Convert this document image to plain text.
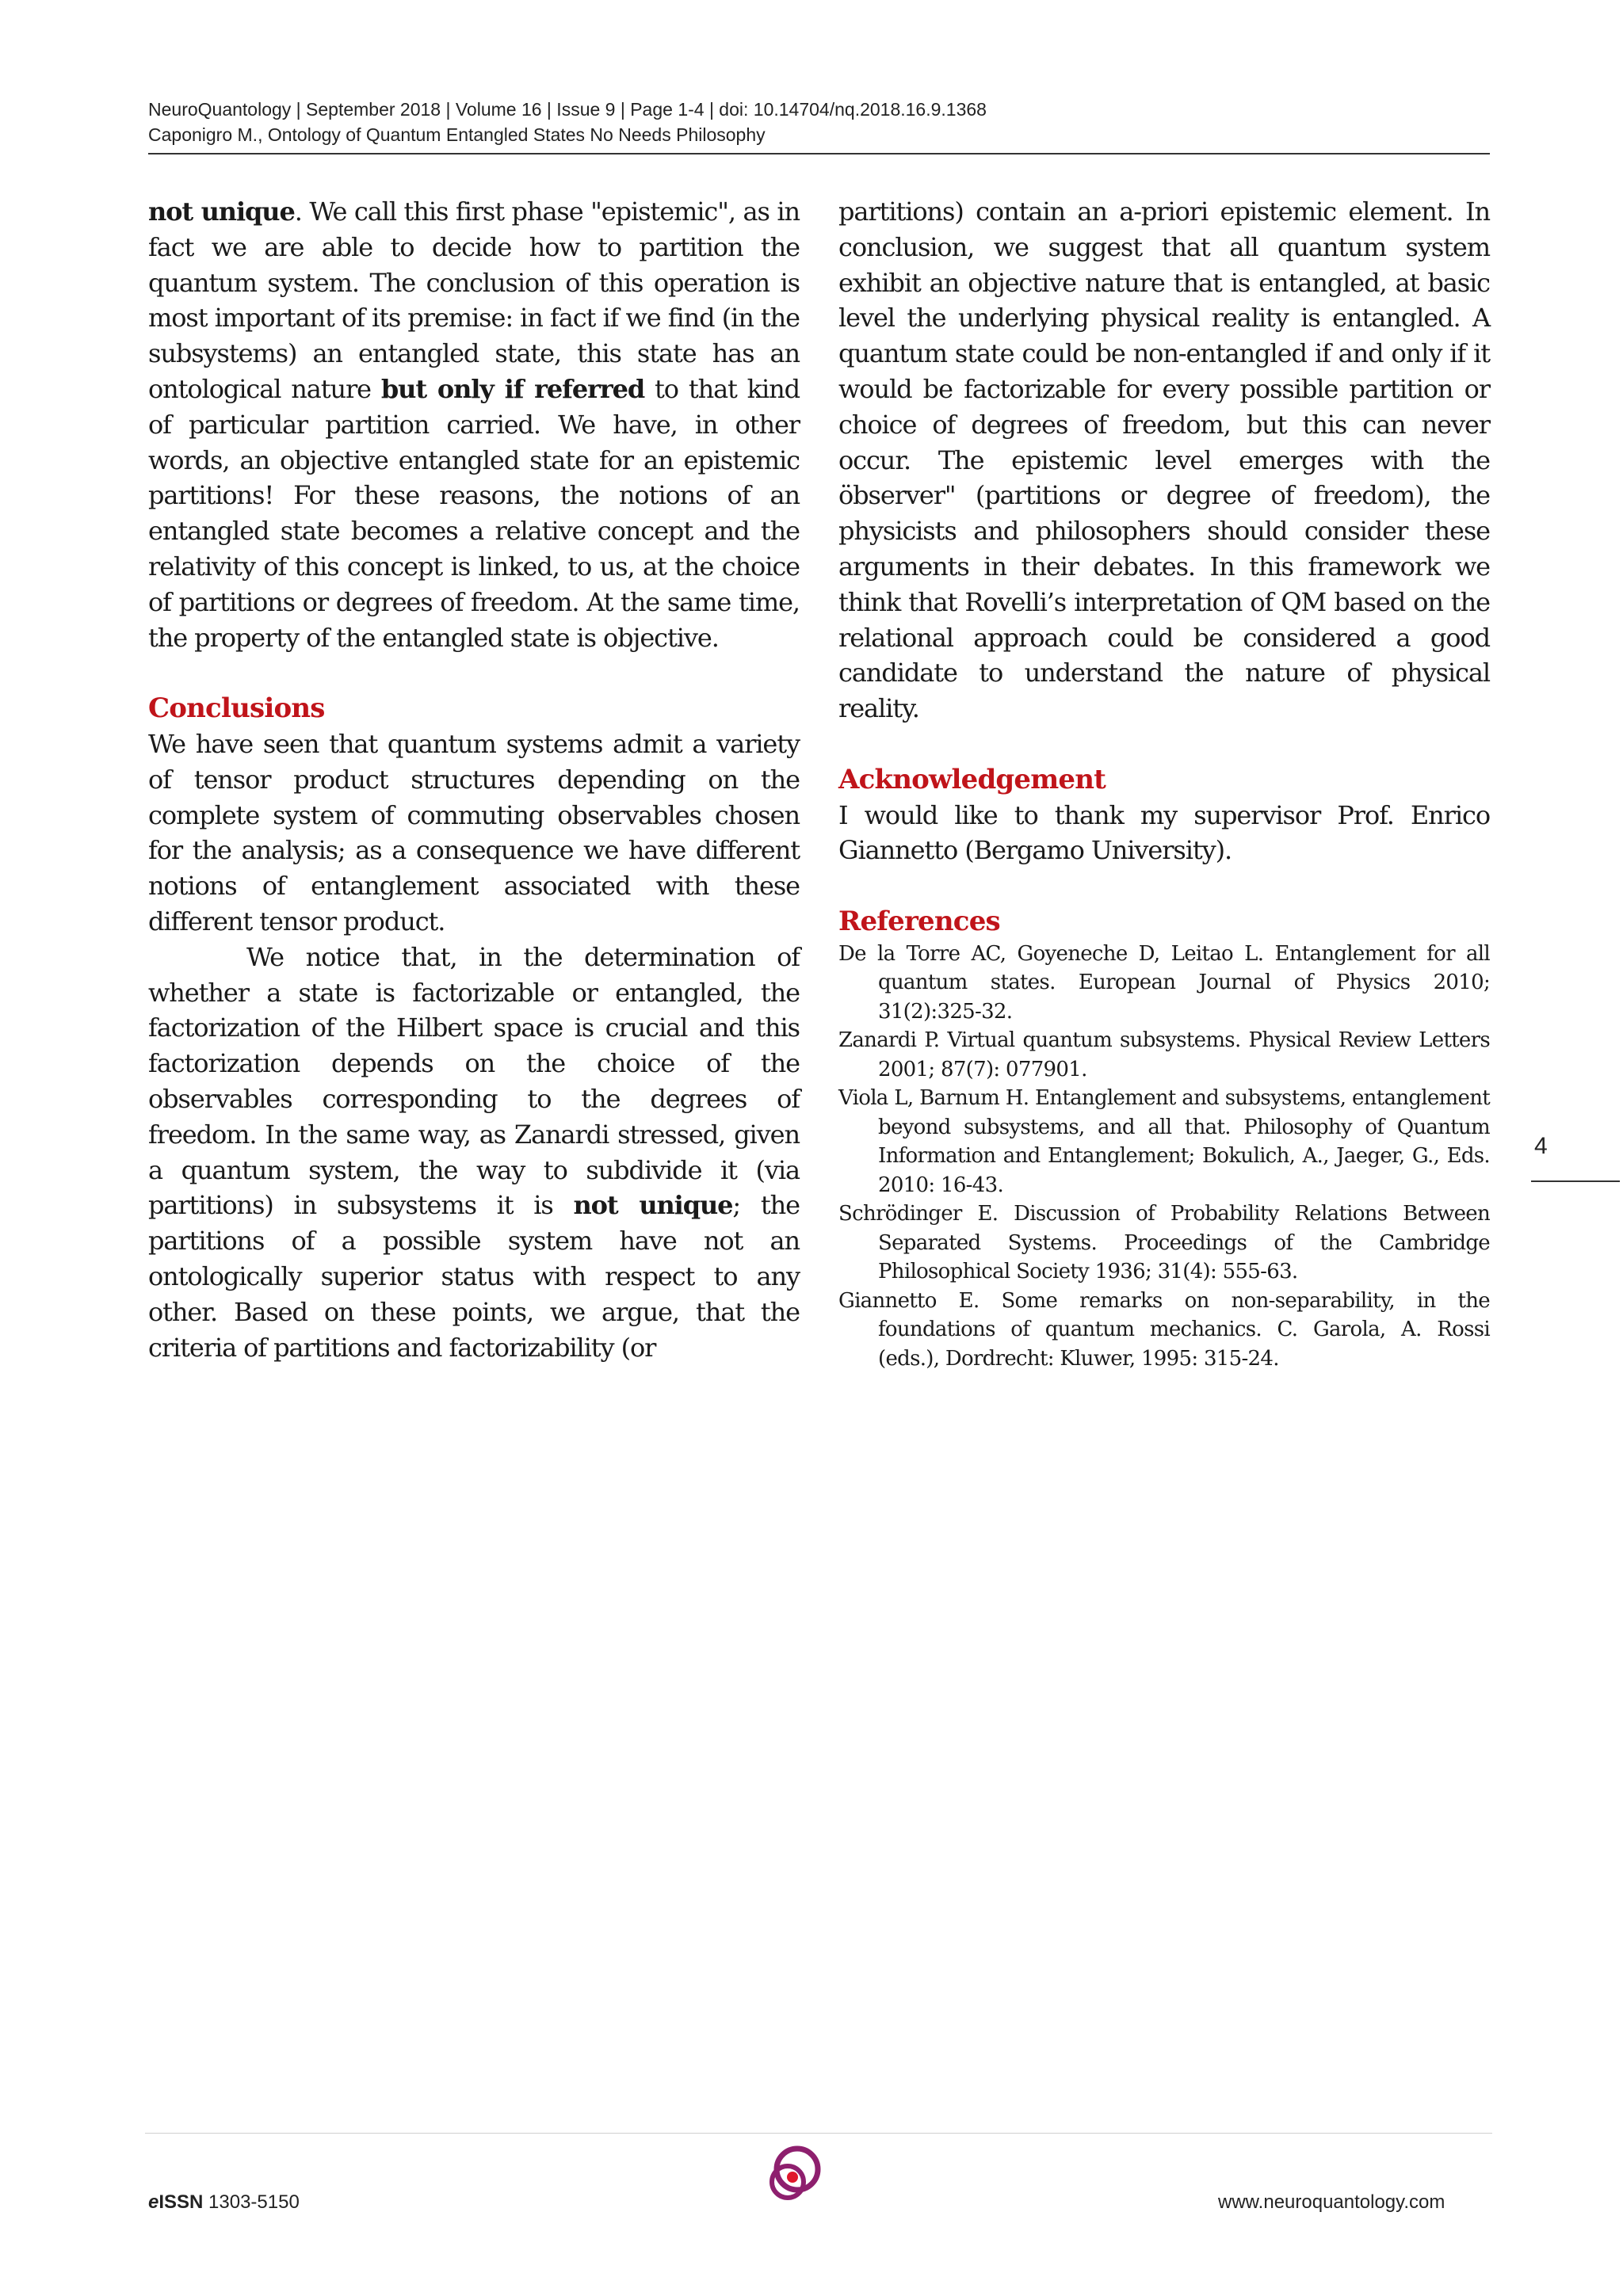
NeuroQuantology | September 2018 | Volume 16 | Issue 9 | Page 1-4 | doi: 10.14704/nq.2018.16.9.1368
Caponigro M., Ontology of Quantum Entangled States No Needs Philosophy

not unique. We call this first phase "epistemic", as in fact we are able to decide how to partition the quantum system. The conclusion of this operation is most important of its premise: in fact if we find (in the subsystems) an entangled state, this state has an ontological nature but only if referred to that kind of particular partition carried. We have, in other words, an objective entangled state for an epistemic partitions! For these reasons, the notions of an entangled state becomes a relative concept and the relativity of this concept is linked, to us, at the choice of partitions or degrees of freedom. At the same time, the property of the entangled state is objective.

Conclusions

We have seen that quantum systems admit a variety of tensor product structures depending on the complete system of commuting observables chosen for the analysis; as a consequence we have different notions of entanglement associated with these different tensor product.

We notice that, in the determination of whether a state is factorizable or entangled, the factorization of the Hilbert space is crucial and this factorization depends on the choice of the observables corresponding to the degrees of freedom. In the same way, as Zanardi stressed, given a quantum system, the way to subdivide it (via partitions) in subsystems it is not unique; the partitions of a possible system have not an ontologically superior status with respect to any other. Based on these points, we argue, that the criteria of partitions and factorizability (or

partitions) contain an a-priori epistemic element. In conclusion, we suggest that all quantum system exhibit an objective nature that is entangled, at basic level the underlying physical reality is entangled. A quantum state could be non-entangled if and only if it would be factorizable for every possible partition or choice of degrees of freedom, but this can never occur. The epistemic level emerges with the öbserver" (partitions or degree of freedom), the physicists and philosophers should consider these arguments in their debates. In this framework we think that Rovelli’s interpretation of QM based on the relational approach could be considered a good candidate to understand the nature of physical reality.

Acknowledgement

I would like to thank my supervisor Prof. Enrico Giannetto (Bergamo University).

References
De la Torre AC, Goyeneche D, Leitao L. Entanglement for all quantum states. European Journal of Physics 2010; 31(2):325-32.
Zanardi P. Virtual quantum subsystems. Physical Review Letters 2001; 87(7): 077901.
Viola L, Barnum H. Entanglement and subsystems, entanglement beyond subsystems, and all that. Philosophy of Quantum Information and Entanglement; Bokulich, A., Jaeger, G., Eds. 2010: 16-43.
Schrödinger E. Discussion of Probability Relations Between Separated Systems. Proceedings of the Cambridge Philosophical Society 1936; 31(4): 555-63.
Giannetto E. Some remarks on non-separability, in the foundations of quantum mechanics. C. Garola, A. Rossi (eds.), Dordrecht: Kluwer, 1995: 315-24.
4
eISSN 1303-5150	www.neuroquantology.com
